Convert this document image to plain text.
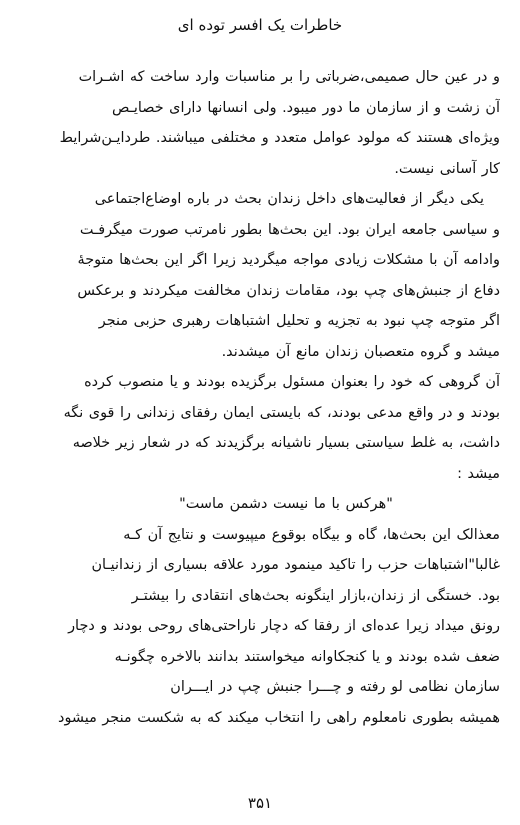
خاطرات یک افسر توده ای
و در عین حال صمیمی،ضرباتی را بر مناسبات وارد ساخت که اشـرات
آن زشت و از سازمان ما دور میبود. ولی انسانها دارای خصایـص
ویژه‌ای هستند که مولود عوامل متعدد و مختلفی میباشند. طردایـن‌شرایط
کار آسانی نیست.
یکی دیگر از فعالیت‌های داخل زندان بحث در باره اوضاع‌اجتماعی
و سیاسی جامعه ایران بود. این بحث‌ها بطور نامرتب صورت میگرفـت
وادامه آن با مشکلات زیادی مواجه میگردید زیرا اگر این بحث‌ها متوجهٔ
دفاع از جنبش‌های چپ بود، مقامات زندان مخالفت میکردند و برعکس
اگر متوجه چپ نبود به تجزیه و تحلیل اشتباهات رهبری حزبی منجر
میشد و گروه متعصبان زندان مانع آن میشدند.
آن گروهی که خود را بعنوان مسئول برگزیده بودند و یا منصوب کرده
بودند و در واقع مدعی بودند، که بایستی ایمان رفقای زندانی را قوی نگه
داشت، به غلط سیاستی بسیار ناشیانه برگزیدند که در شعار زیر خلاصه
میشد :
"هرکس با ما نیست دشمن ماست"
معذالک این بحث‌ها، گاه و بیگاه بوقوع میپیوست و نتایج آن کـه
غالبا"اشتباهات حزب را تاکید مینمود مورد علاقه بسیاری از زندانیـان
بود. خستگی از زندان،بازار اینگونه بحث‌های انتقادی را بیشتـر
رونق میداد زیرا عده‌ای از رفقا که دچار ناراحتی‌های روحی بودند و دچار
ضعف شده بودند و یا کنجکاوانه میخواستند بدانند بالاخره چگونـه
سازمان نظامی لو رفته و چـــرا جنبش چپ در ایـــران
همیشه بطوری نامعلوم راهی را انتخاب میکند که به شکست منجر میشود
۳۵۱
